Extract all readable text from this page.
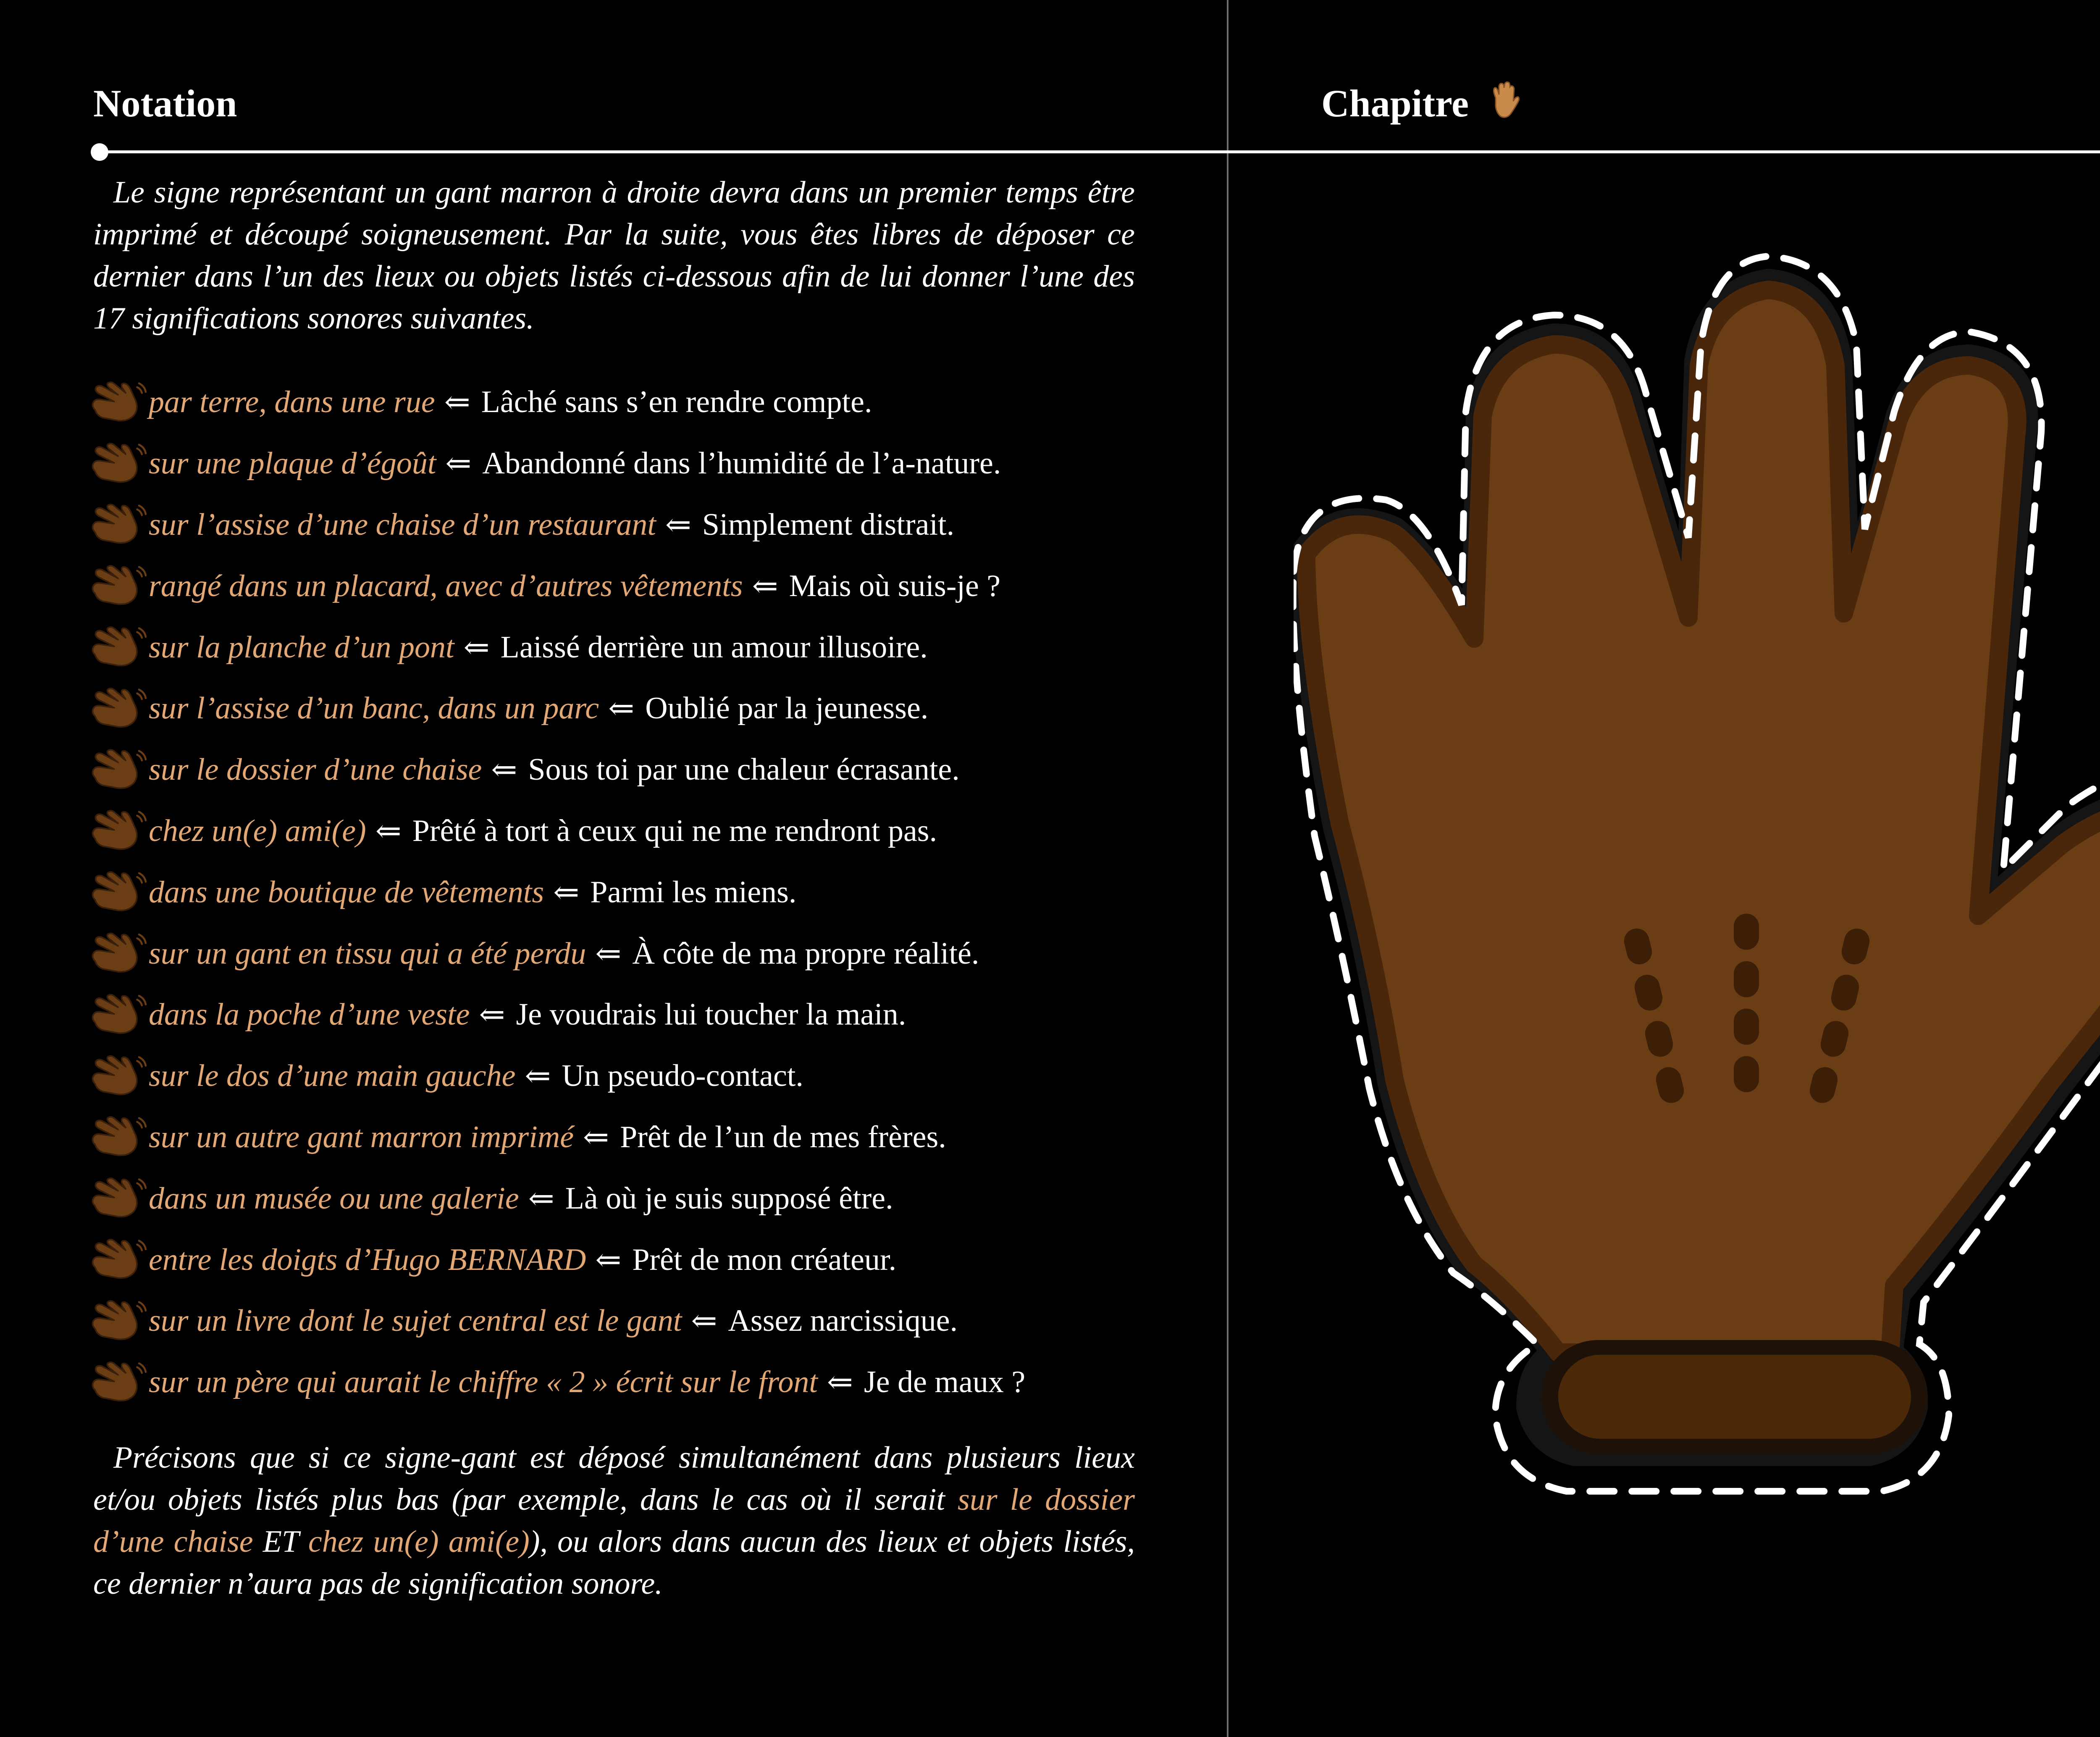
Notation

Le signe représentant un gant marron à droite devra dans un premier temps être imprimé et découpé soigneusement. Par la suite, vous êtes libres de déposer ce dernier dans l’un des lieux ou objets listés ci-dessous afin de lui donner l’une des 17 significations sonores suivantes.

par terre, dans une rue ⇐ Lâché sans s’en rendre compte.
sur une plaque d’égoût ⇐ Abandonné dans l’humidité de l’a-nature.
sur l’assise d’une chaise d’un restaurant ⇐ Simplement distrait.
rangé dans un placard, avec d’autres vêtements ⇐ Mais où suis-je ?
sur la planche d’un pont ⇐ Laissé derrière un amour illusoire.
sur l’assise d’un banc, dans un parc ⇐ Oublié par la jeunesse.
sur le dossier d’une chaise ⇐ Sous toi par une chaleur écrasante.
chez un(e) ami(e) ⇐ Prêté à tort à ceux qui ne me rendront pas.
dans une boutique de vêtements ⇐ Parmi les miens.
sur un gant en tissu qui a été perdu ⇐ À côte de ma propre réalité.
dans la poche d’une veste ⇐ Je voudrais lui toucher la main.
sur le dos d’une main gauche ⇐ Un pseudo-contact.
sur un autre gant marron imprimé ⇐ Prêt de l’un de mes frères.
dans un musée ou une galerie ⇐ Là où je suis supposé être.
entre les doigts d’Hugo BERNARD ⇐ Prêt de mon créateur.
sur un livre dont le sujet central est le gant ⇐ Assez narcissique.
sur un père qui aurait le chiffre « 2 » écrit sur le front ⇐ Je de maux ?

Précisons que si ce signe-gant est déposé simultanément dans plusieurs lieux et/ou objets listés plus bas (par exemple, dans le cas où il serait sur le dossier d’une chaise ET chez un(e) ami(e)), ou alors dans aucun des lieux et objets listés, ce dernier n’aura pas de signification sonore.

Chapitre
